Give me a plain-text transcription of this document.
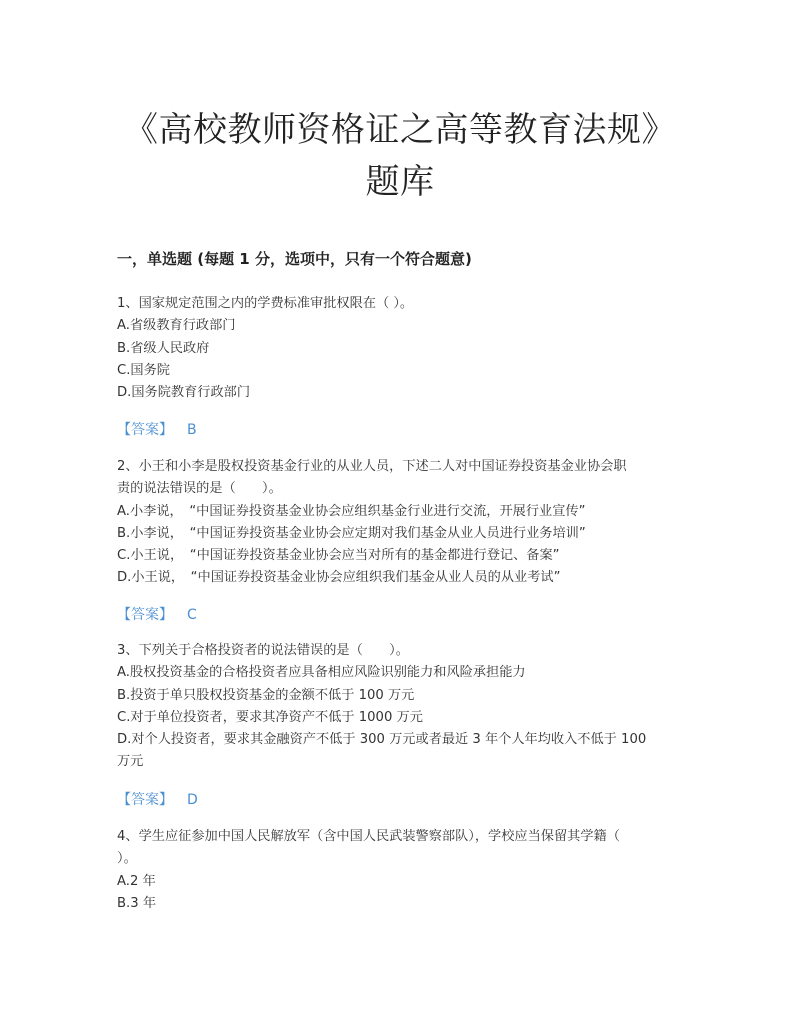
《高校教师资格证之高等教育法规》
题库
一，单选题 (每题 1 分，选项中，只有一个符合题意)
1、国家规定范围之内的学费标准审批权限在（ ）。
A.省级教育行政部门
B.省级人民政府
C.国务院
D.国务院教育行政部门
【答案】 B
2、小王和小李是股权投资基金行业的从业人员，下述二人对中国证券投资基金业协会职
责的说法错误的是（　　）。
A.小李说，　“中国证券投资基金业协会应组织基金行业进行交流，开展行业宣传”
B.小李说，　“中国证券投资基金业协会应定期对我们基金从业人员进行业务培训”
C.小王说，　“中国证券投资基金业协会应当对所有的基金都进行登记、备案”
D.小王说，　“中国证券投资基金业协会应组织我们基金从业人员的从业考试”
【答案】 C
3、下列关于合格投资者的说法错误的是（　　）。
A.股权投资基金的合格投资者应具备相应风险识别能力和风险承担能力
B.投资于单只股权投资基金的金额不低于 100 万元
C.对于单位投资者，要求其净资产不低于 1000 万元
D.对个人投资者，要求其金融资产不低于 300 万元或者最近 3 年个人年均收入不低于 100
万元
【答案】 D
4、学生应征参加中国人民解放军（含中国人民武装警察部队），学校应当保留其学籍（
）。
A.2 年
B.3 年
